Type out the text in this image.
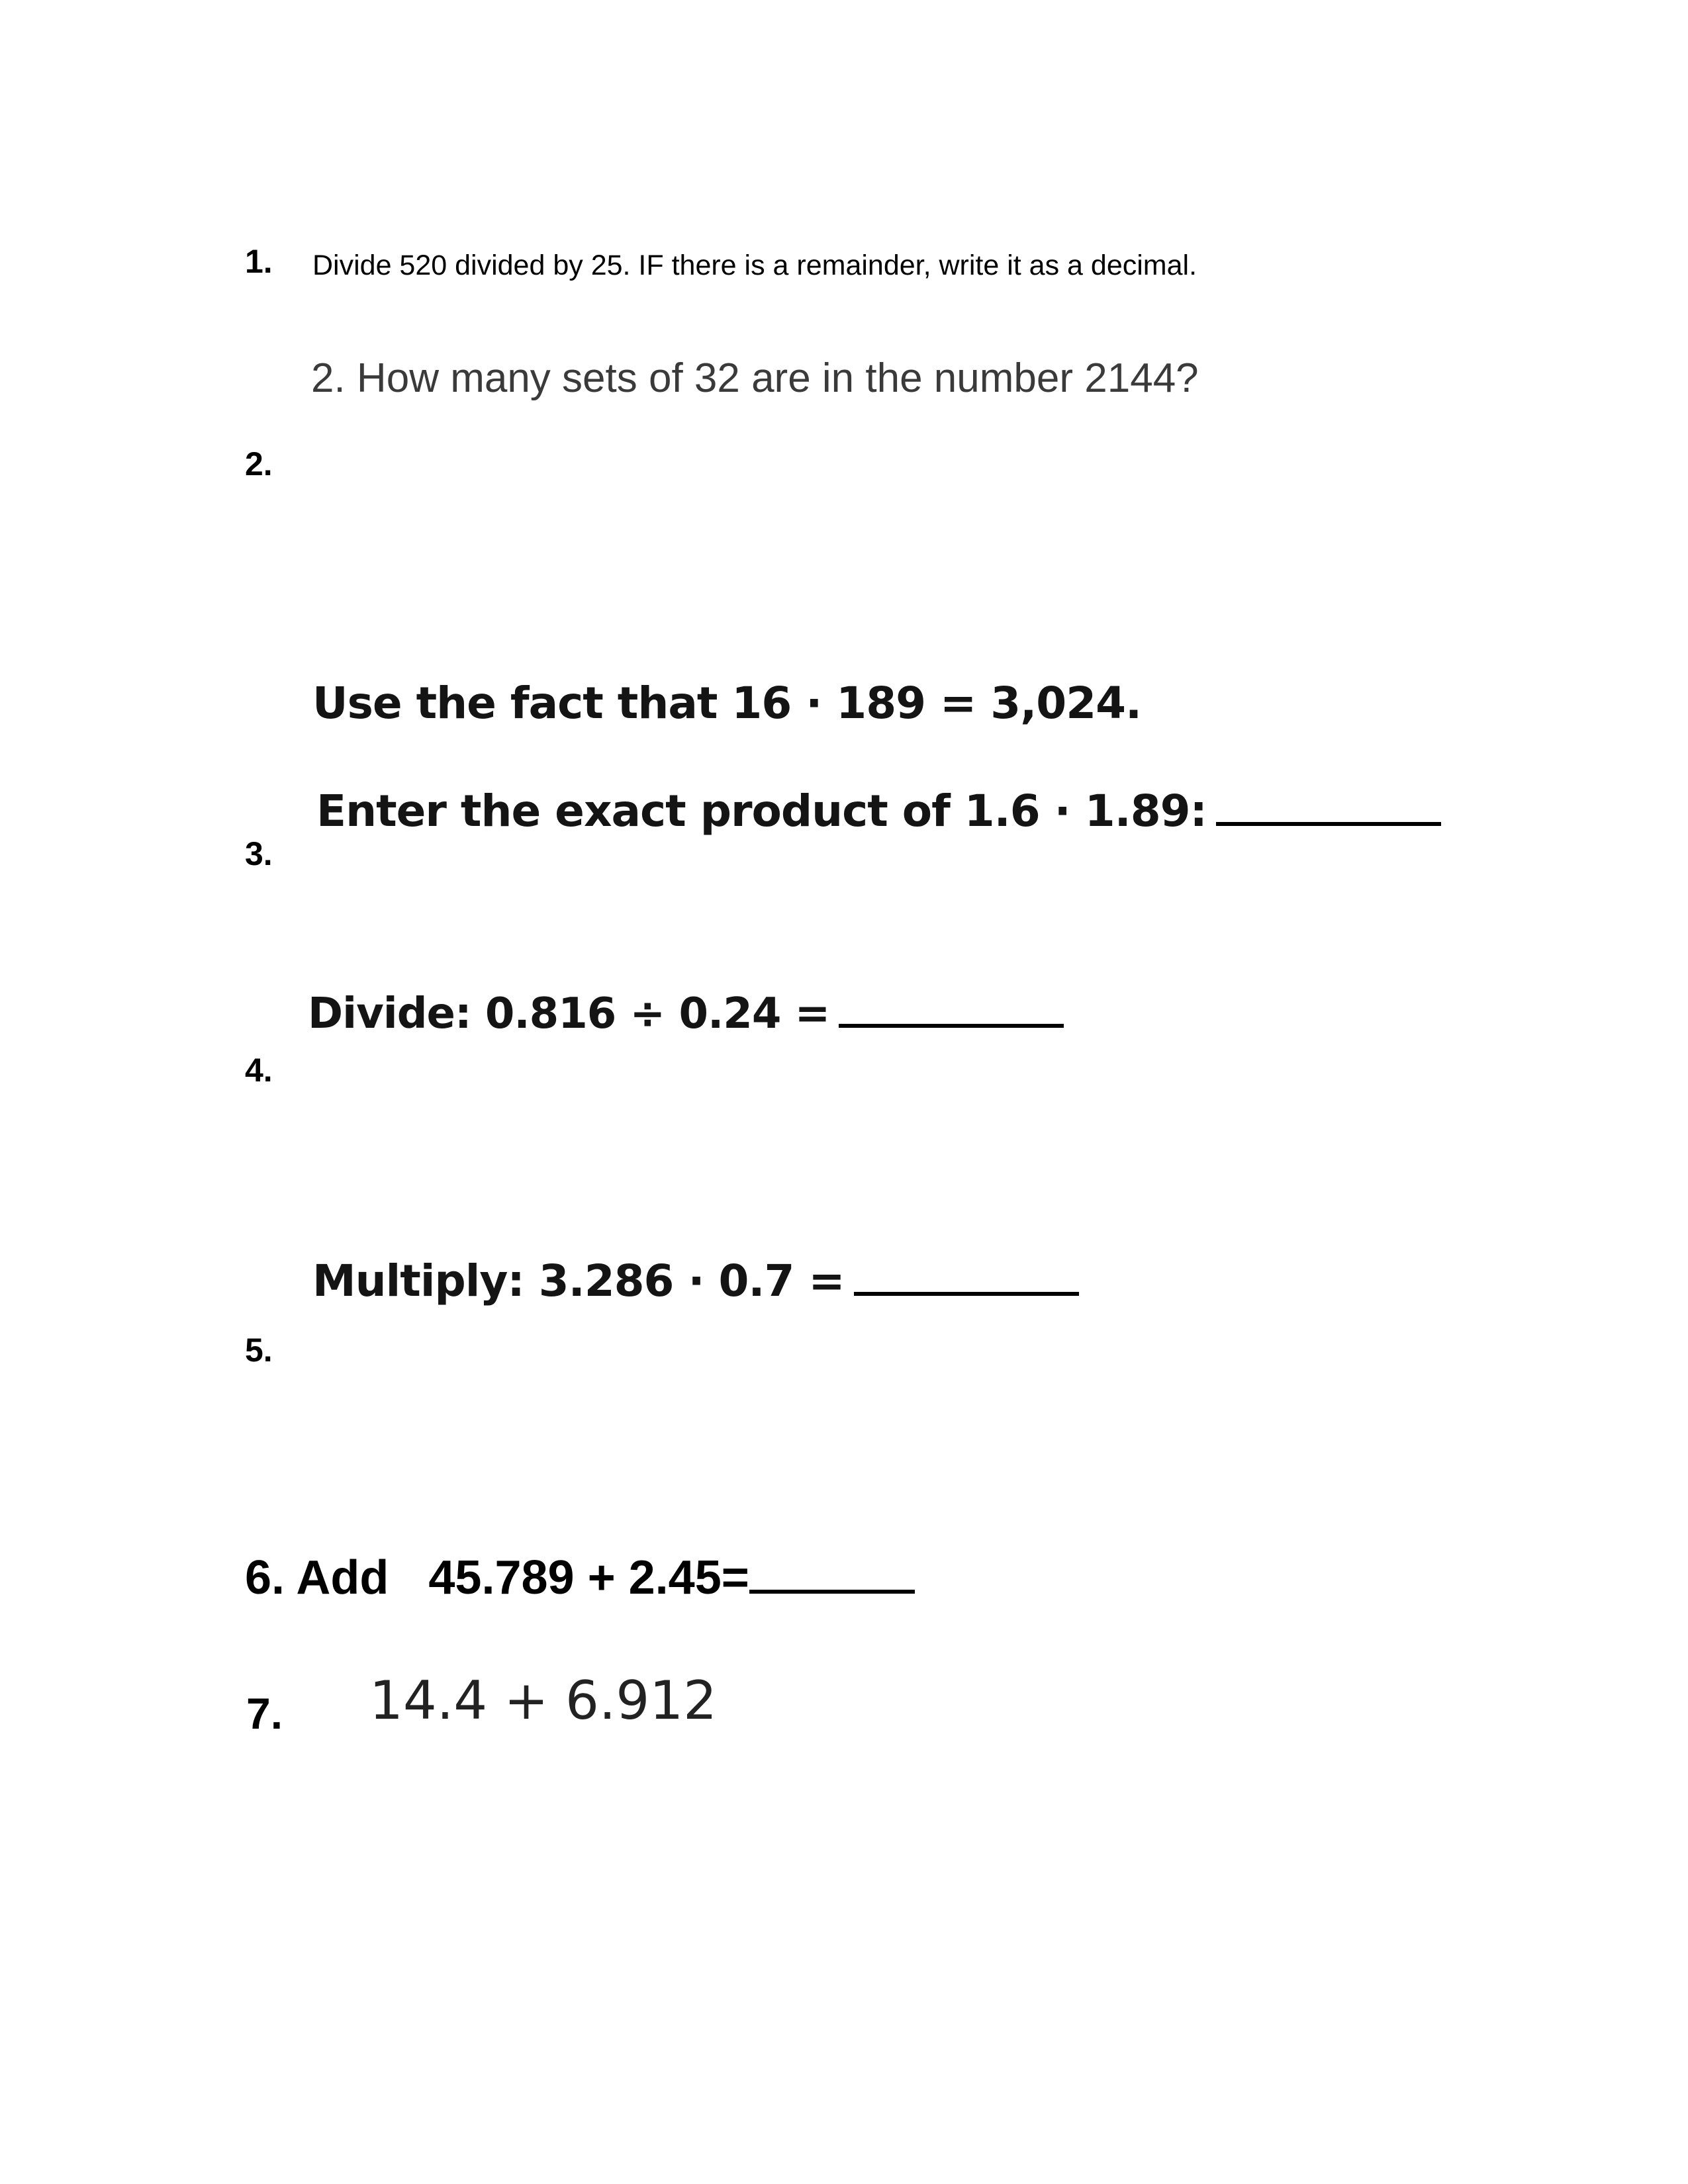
1. Divide 520 divided by 25. IF there is a remainder, write it as a decimal.
2. How many sets of 32 are in the number 2144?
2.
Use the fact that 16 · 189 = 3,024.
Enter the exact product of 1.6 · 1.89:
3.
Divide: 0.816 ÷ 0.24 =
4.
Multiply: 3.286 · 0.7 =
5.
6. Add 45.789 + 2.45=
7. 14.4 + 6.912
